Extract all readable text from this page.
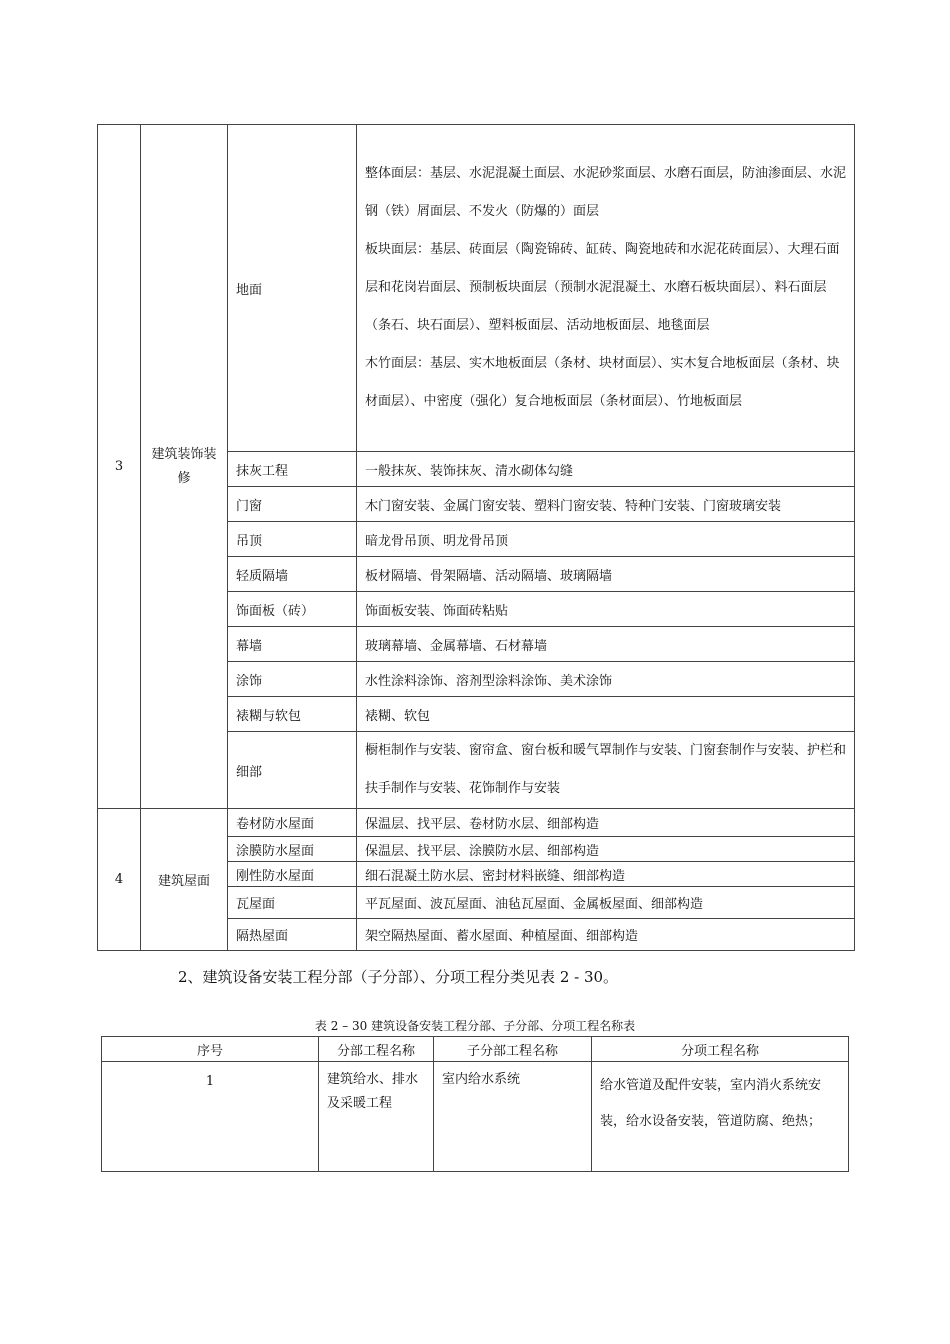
3	建筑装饰装修	地面	整体面层：基层、水泥混凝土面层、水泥砂浆面层、水磨石面层，防油渗面层、水泥钢（铁）屑面层、不发火（防爆的）面层
板块面层：基层、砖面层（陶瓷锦砖、缸砖、陶瓷地砖和水泥花砖面层）、大理石面层和花岗岩面层、预制板块面层（预制水泥混凝土、水磨石板块面层）、料石面层（条石、块石面层）、塑料板面层、活动地板面层、地毯面层
木竹面层：基层、实木地板面层（条材、块材面层）、实木复合地板面层（条材、块材面层）、中密度（强化）复合地板面层（条材面层）、竹地板面层

		抹灰工程	一般抹灰、装饰抹灰、清水砌体勾缝
		门窗	木门窗安装、金属门窗安装、塑料门窗安装、特种门安装、门窗玻璃安装
		吊顶	暗龙骨吊顶、明龙骨吊顶
		轻质隔墙	板材隔墙、骨架隔墙、活动隔墙、玻璃隔墙
		饰面板（砖）	饰面板安装、饰面砖粘贴
		幕墙	玻璃幕墙、金属幕墙、石材幕墙
		涂饰	水性涂料涂饰、溶剂型涂料涂饰、美术涂饰
		裱糊与软包	裱糊、软包
		细部	橱柜制作与安装、窗帘盒、窗台板和暖气罩制作与安装、门窗套制作与安装、护栏和扶手制作与安装、花饰制作与安装
4	建筑屋面	卷材防水屋面	保温层、找平层、卷材防水层、细部构造
		涂膜防水屋面	保温层、找平层、涂膜防水层、细部构造
		刚性防水屋面	细石混凝土防水层、密封材料嵌缝、细部构造
		瓦屋面	平瓦屋面、波瓦屋面、油毡瓦屋面、金属板屋面、细部构造
		隔热屋面	架空隔热屋面、蓄水屋面、种植屋面、细部构造
2、建筑设备安装工程分部（子分部）、分项工程分类见表 2 - 30。
表 2 – 30 建筑设备安装工程分部、子分部、分项工程名称表
序号	分部工程名称	子分部工程名称	分项工程名称
1	建筑给水、排水及采暖工程	室内给水系统	给水管道及配件安装，室内消火系统安装，给水设备安装，管道防腐、绝热；
